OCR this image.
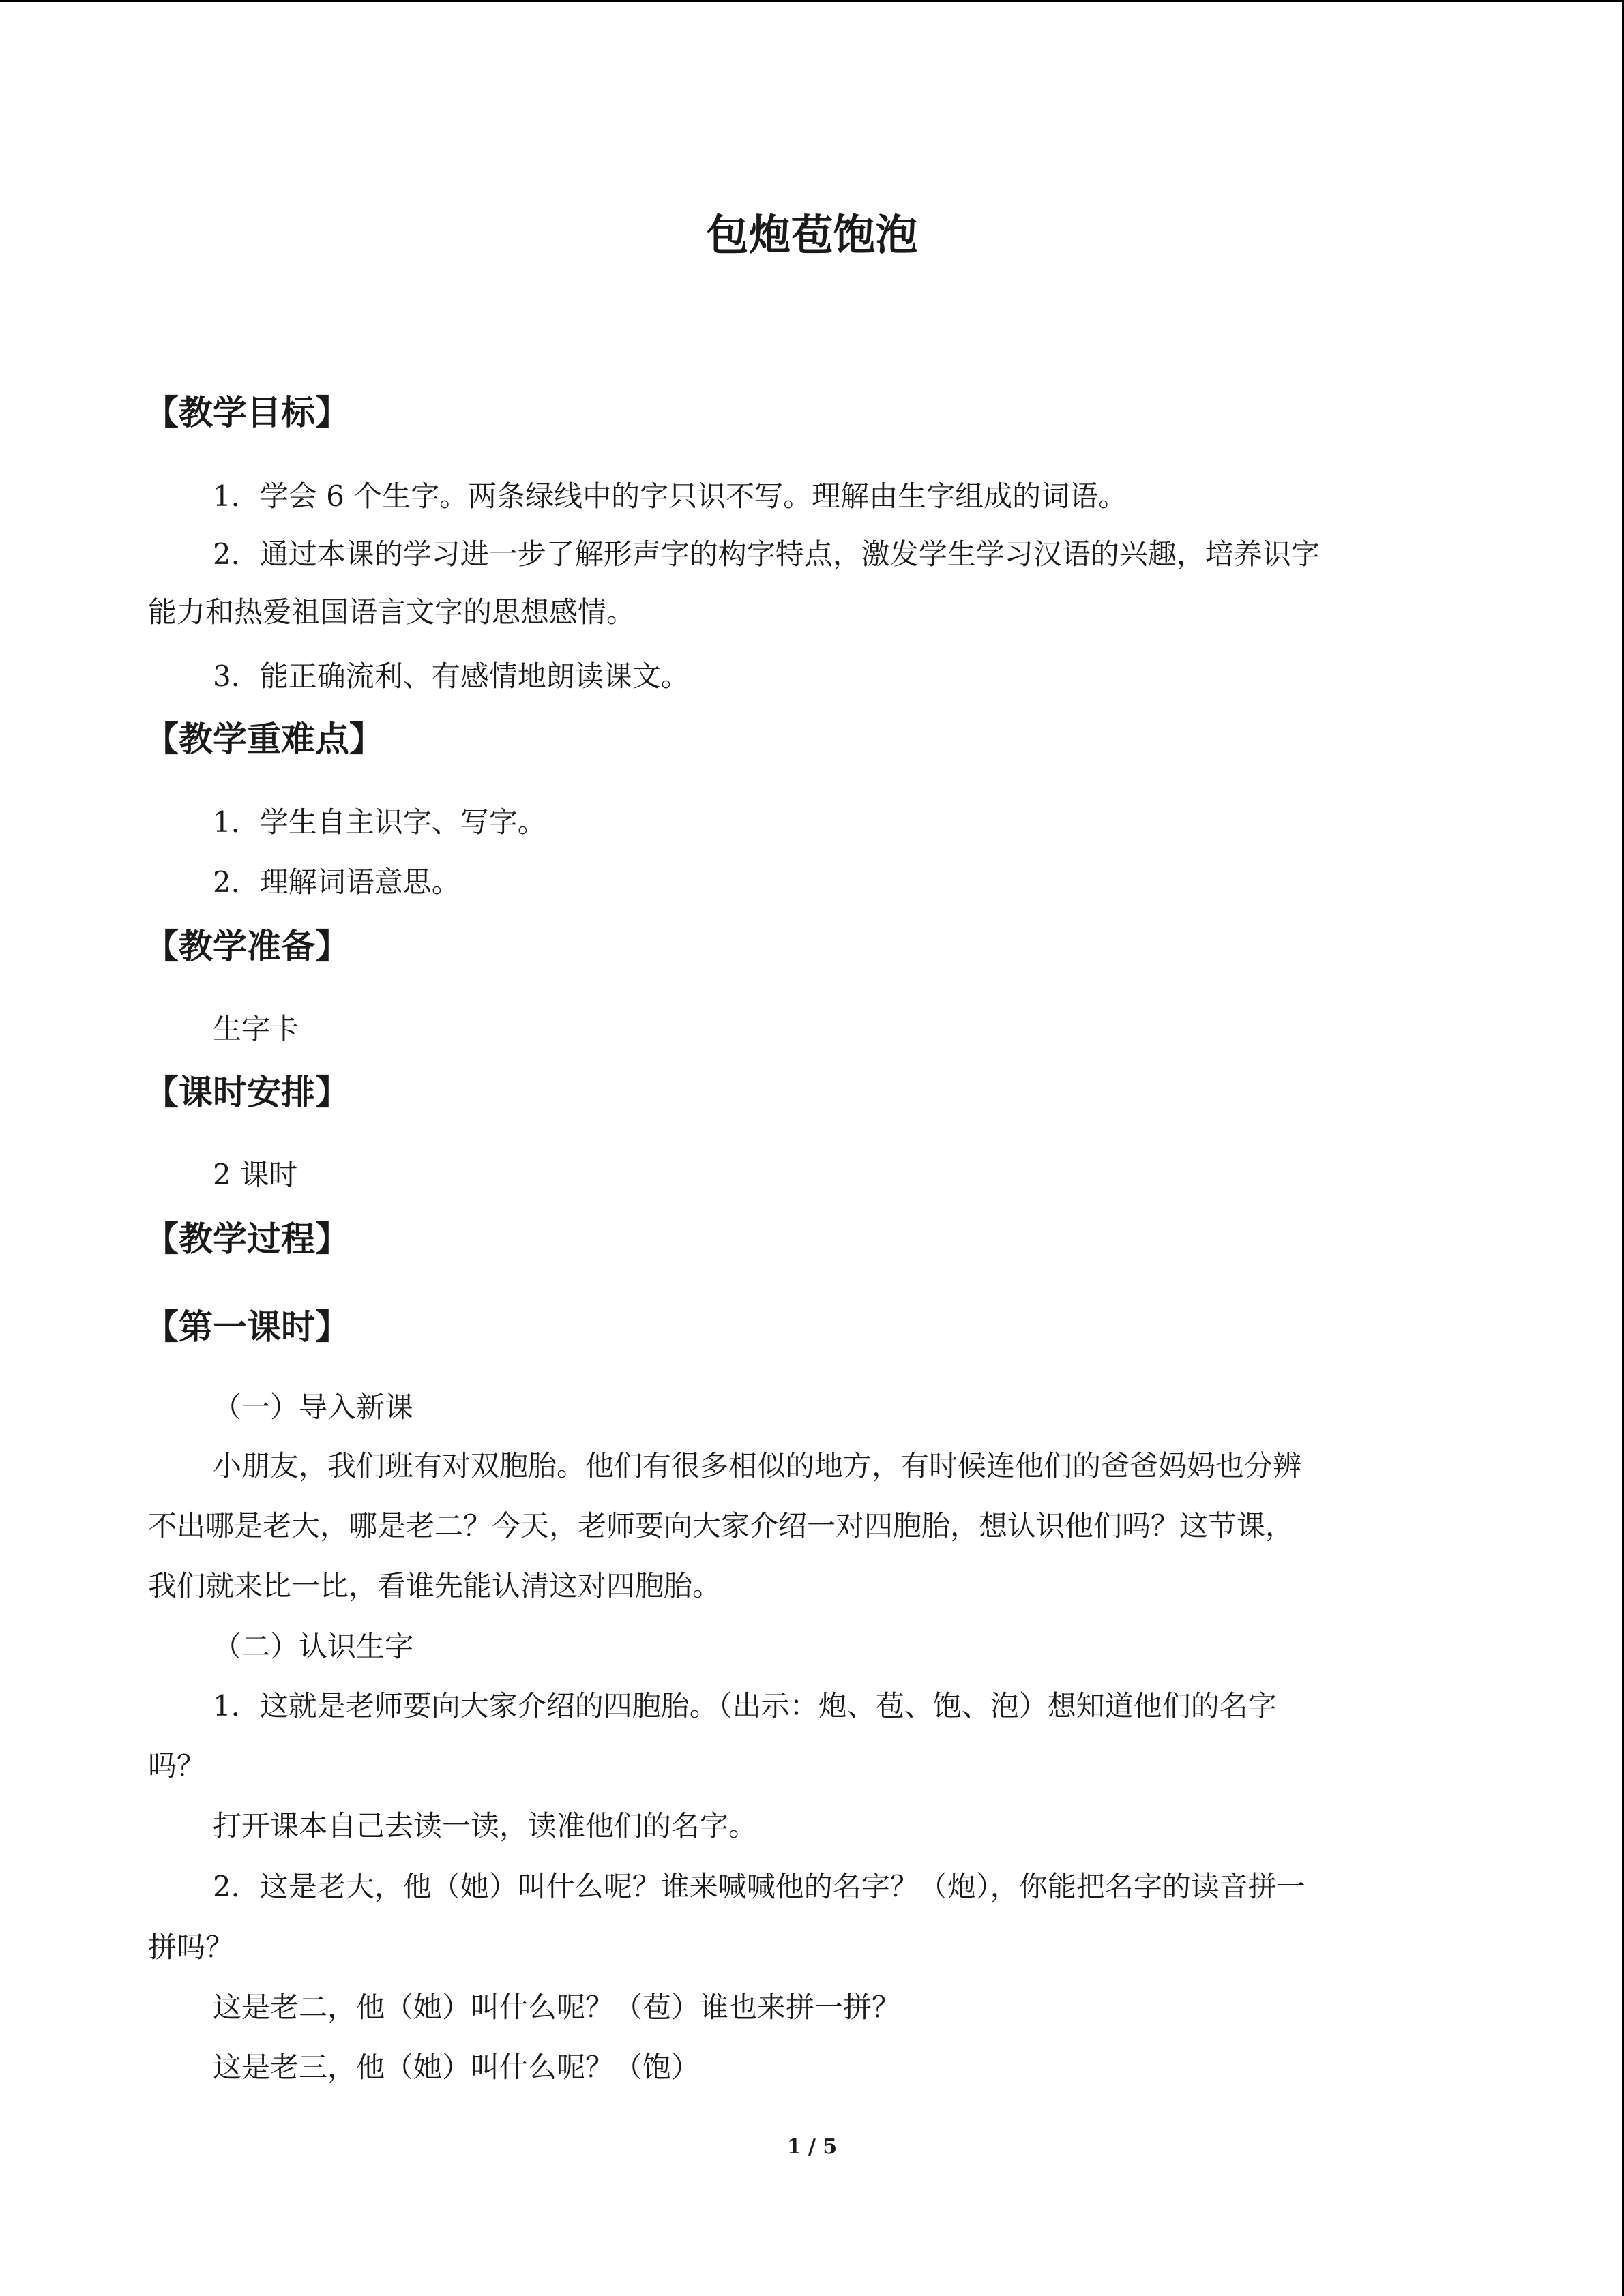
包炮苞饱泡
【教学目标】

1．学会 6 个生字。两条绿线中的字只识不写。理解由生字组成的词语。

2．通过本课的学习进一步了解形声字的构字特点，激发学生学习汉语的兴趣，培养识字

能力和热爱祖国语言文字的思想感情。

3．能正确流利、有感情地朗读课文。

【教学重难点】

1．学生自主识字、写字。

2．理解词语意思。

【教学准备】

生字卡

【课时安排】

2 课时

【教学过程】
【第一课时】

（一）导入新课

小朋友，我们班有对双胞胎。他们有很多相似的地方，有时候连他们的爸爸妈妈也分辨

不出哪是老大，哪是老二？今天，老师要向大家介绍一对四胞胎，想认识他们吗？这节课，

我们就来比一比，看谁先能认清这对四胞胎。

（二）认识生字

1．这就是老师要向大家介绍的四胞胎。（出示：炮、苞、饱、泡）想知道他们的名字

吗？

打开课本自己去读一读，读准他们的名字。

2．这是老大，他（她）叫什么呢？谁来喊喊他的名字？（炮），你能把名字的读音拼一

拼吗？

这是老二，他（她）叫什么呢？（苞）谁也来拼一拼？

这是老三，他（她）叫什么呢？（饱）

1 / 5
